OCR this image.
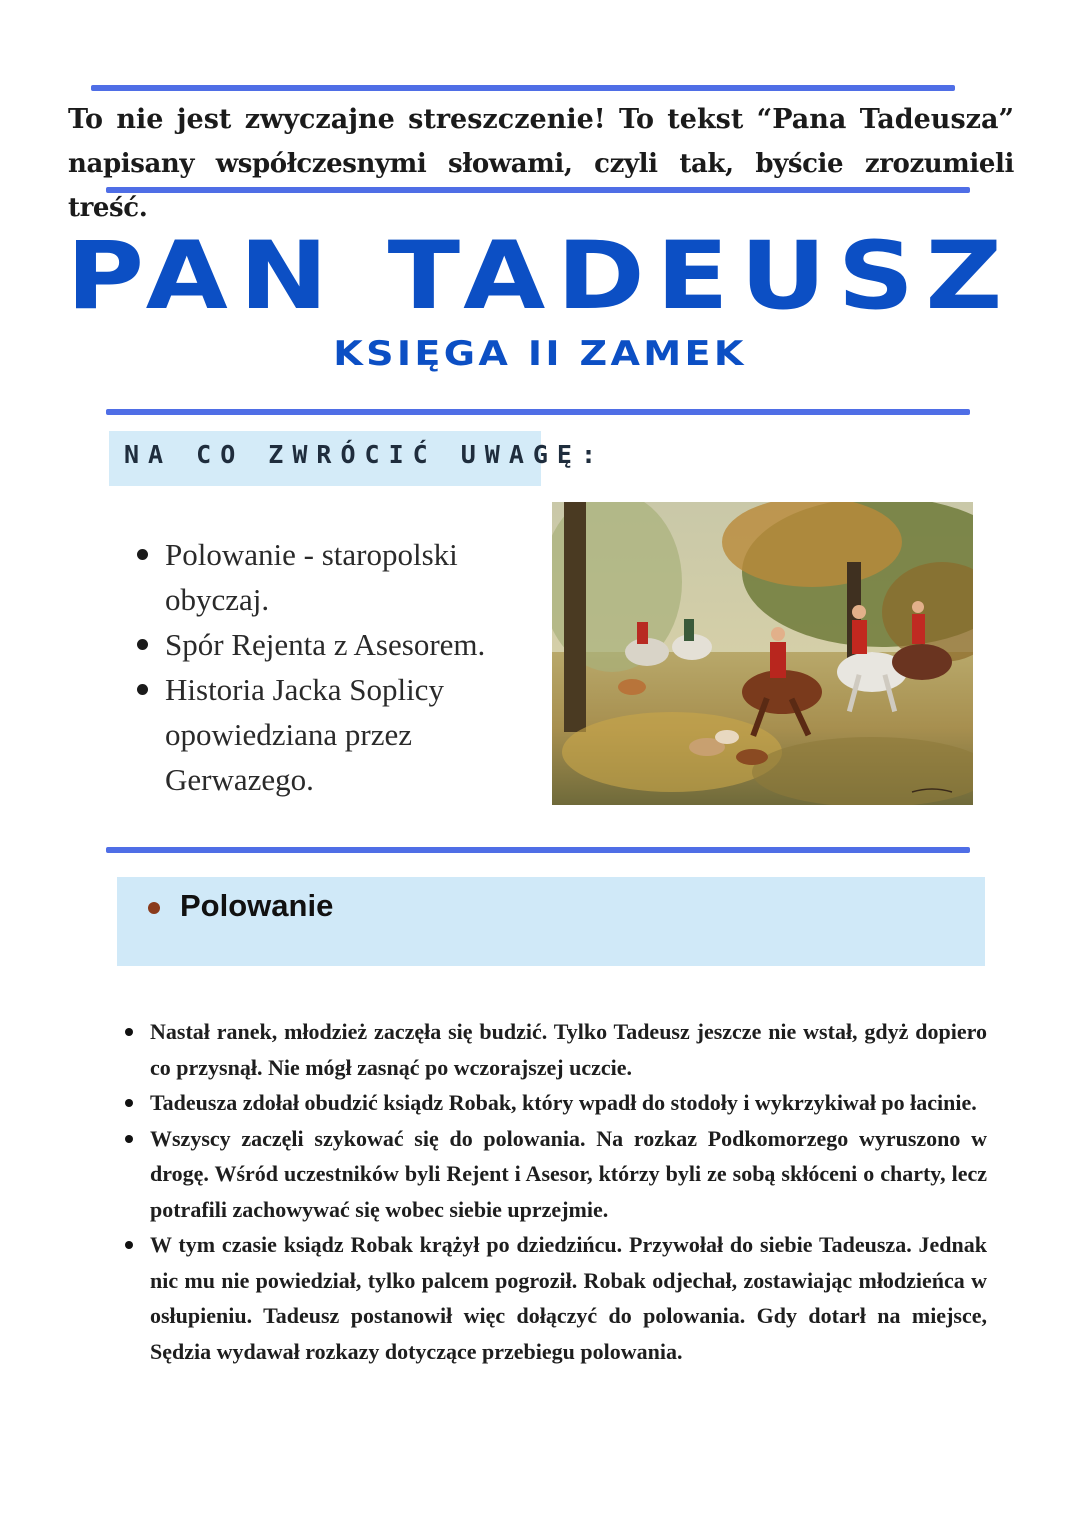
To nie jest zwyczajne streszczenie! To tekst “Pana Tadeusza”
napisany współczesnymi słowami, czyli tak, byście zrozumieli treść.
PAN TADEUSZ
KSIĘGA II ZAMEK
NA CO ZWRÓCIĆ UWAGĘ:
Polowanie - staropolski obyczaj.
Spór Rejenta z Asesorem.
Historia Jacka Soplicy opowiedziana przez Gerwazego.
Polowanie
Nastał ranek, młodzież zaczęła się budzić. Tylko Tadeusz jeszcze nie wstał, gdyż dopiero co przysnął. Nie mógł zasnąć po wczorajszej uczcie.
Tadeusza zdołał obudzić ksiądz Robak, który wpadł do stodoły i wykrzykiwał po łacinie.
Wszyscy zaczęli szykować się do polowania. Na rozkaz Podkomorzego wyruszono w drogę. Wśród uczestników byli Rejent i Asesor, którzy byli ze sobą skłóceni o charty, lecz potrafili zachowywać się wobec siebie uprzejmie.
W tym czasie ksiądz Robak krążył po dziedzińcu. Przywołał do siebie Tadeusza. Jednak nic mu nie powiedział, tylko palcem pogroził. Robak odjechał, zostawiając młodzieńca w osłupieniu. Tadeusz postanowił więc dołączyć do polowania. Gdy dotarł na miejsce, Sędzia wydawał rozkazy dotyczące przebiegu polowania.
